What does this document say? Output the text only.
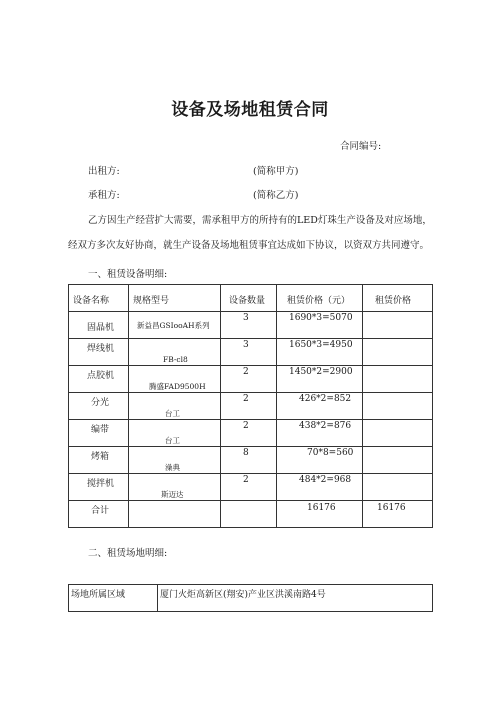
设备及场地租赁合同
合同编号:
出租方:	(简称甲方)
承租方:	(简称乙方)
乙方因生产经营扩大需要，需承租甲方的所持有的LED灯珠生产设备及对应场地，
经双方多次友好协商，就生产设备及场地租赁事宜达成如下协议，以资双方共同遵守。
一、租赁设备明细:
设备名称	规格型号	设备数量	租赁价格（元）	租赁价格

固晶机	新益昌GSIooAH系列	3	1690*3=5070	

焊线机	FB-cl8	3	1650*3=4950	

点胶机	腾盛FAD9500H	2	1450*2=2900	

分光	台工	2	426*2=852	

编带	台工	2	438*2=876	

烤箱	澡典	8	70*8=560	

搅拌机	斯迈达	2	484*2=968	

合计			16176	16176
二、租赁场地明细:
场地所属区域	厦门火炬高新区(翔安)产业区洪溪南路4号
